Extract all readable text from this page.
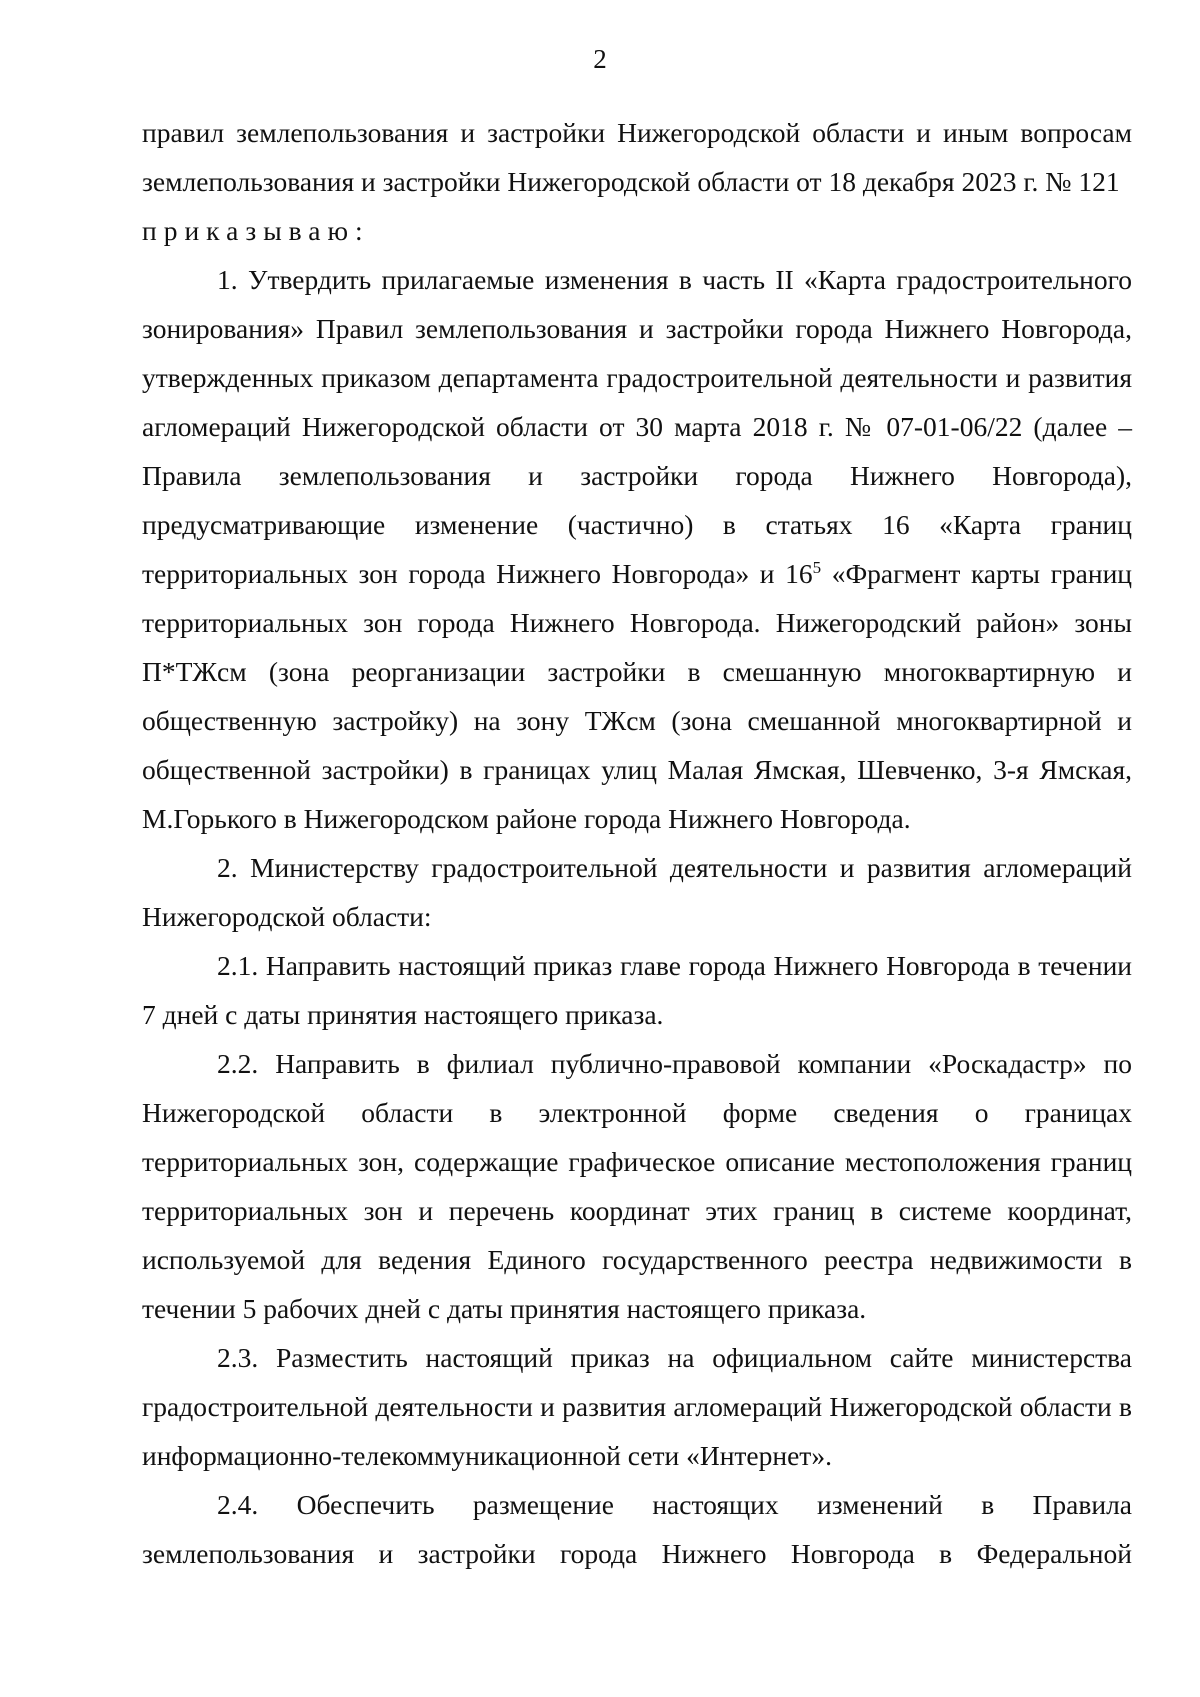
2

правил землепользования и застройки Нижегородской области и иным вопросам землепользования и застройки Нижегородской области от 18 декабря 2023 г. № 121

приказываю:

1. Утвердить прилагаемые изменения в часть II «Карта градостроительного зонирования» Правил землепользования и застройки города Нижнего Новгорода, утвержденных приказом департамента градостроительной деятельности и развития агломераций Нижегородской области от 30 марта 2018 г. № 07-01-06/22 (далее – Правила землепользования и застройки города Нижнего Новгорода), предусматривающие изменение (частично) в статьях 16 «Карта границ территориальных зон города Нижнего Новгорода» и $16^5$ «Фрагмент карты границ территориальных зон города Нижнего Новгорода. Нижегородский район» зоны П*ТЖсм (зона реорганизации застройки в смешанную многоквартирную и общественную застройку) на зону ТЖсм (зона смешанной многоквартирной и общественной застройки) в границах улиц Малая Ямская, Шевченко, 3-я Ямская, М.Горького в Нижегородском районе города Нижнего Новгорода.

2. Министерству градостроительной деятельности и развития агломераций Нижегородской области:

2.1. Направить настоящий приказ главе города Нижнего Новгорода в течении 7 дней с даты принятия настоящего приказа.

2.2. Направить в филиал публично-правовой компании «Роскадастр» по Нижегородской области в электронной форме сведения о границах территориальных зон, содержащие графическое описание местоположения границ территориальных зон и перечень координат этих границ в системе координат, используемой для ведения Единого государственного реестра недвижимости в течении 5 рабочих дней с даты принятия настоящего приказа.

2.3. Разместить настоящий приказ на официальном сайте министерства градостроительной деятельности и развития агломераций Нижегородской области в информационно-телекоммуникационной сети «Интернет».

2.4. Обеспечить размещение настоящих изменений в Правила землепользования и застройки города Нижнего Новгорода в Федеральной
